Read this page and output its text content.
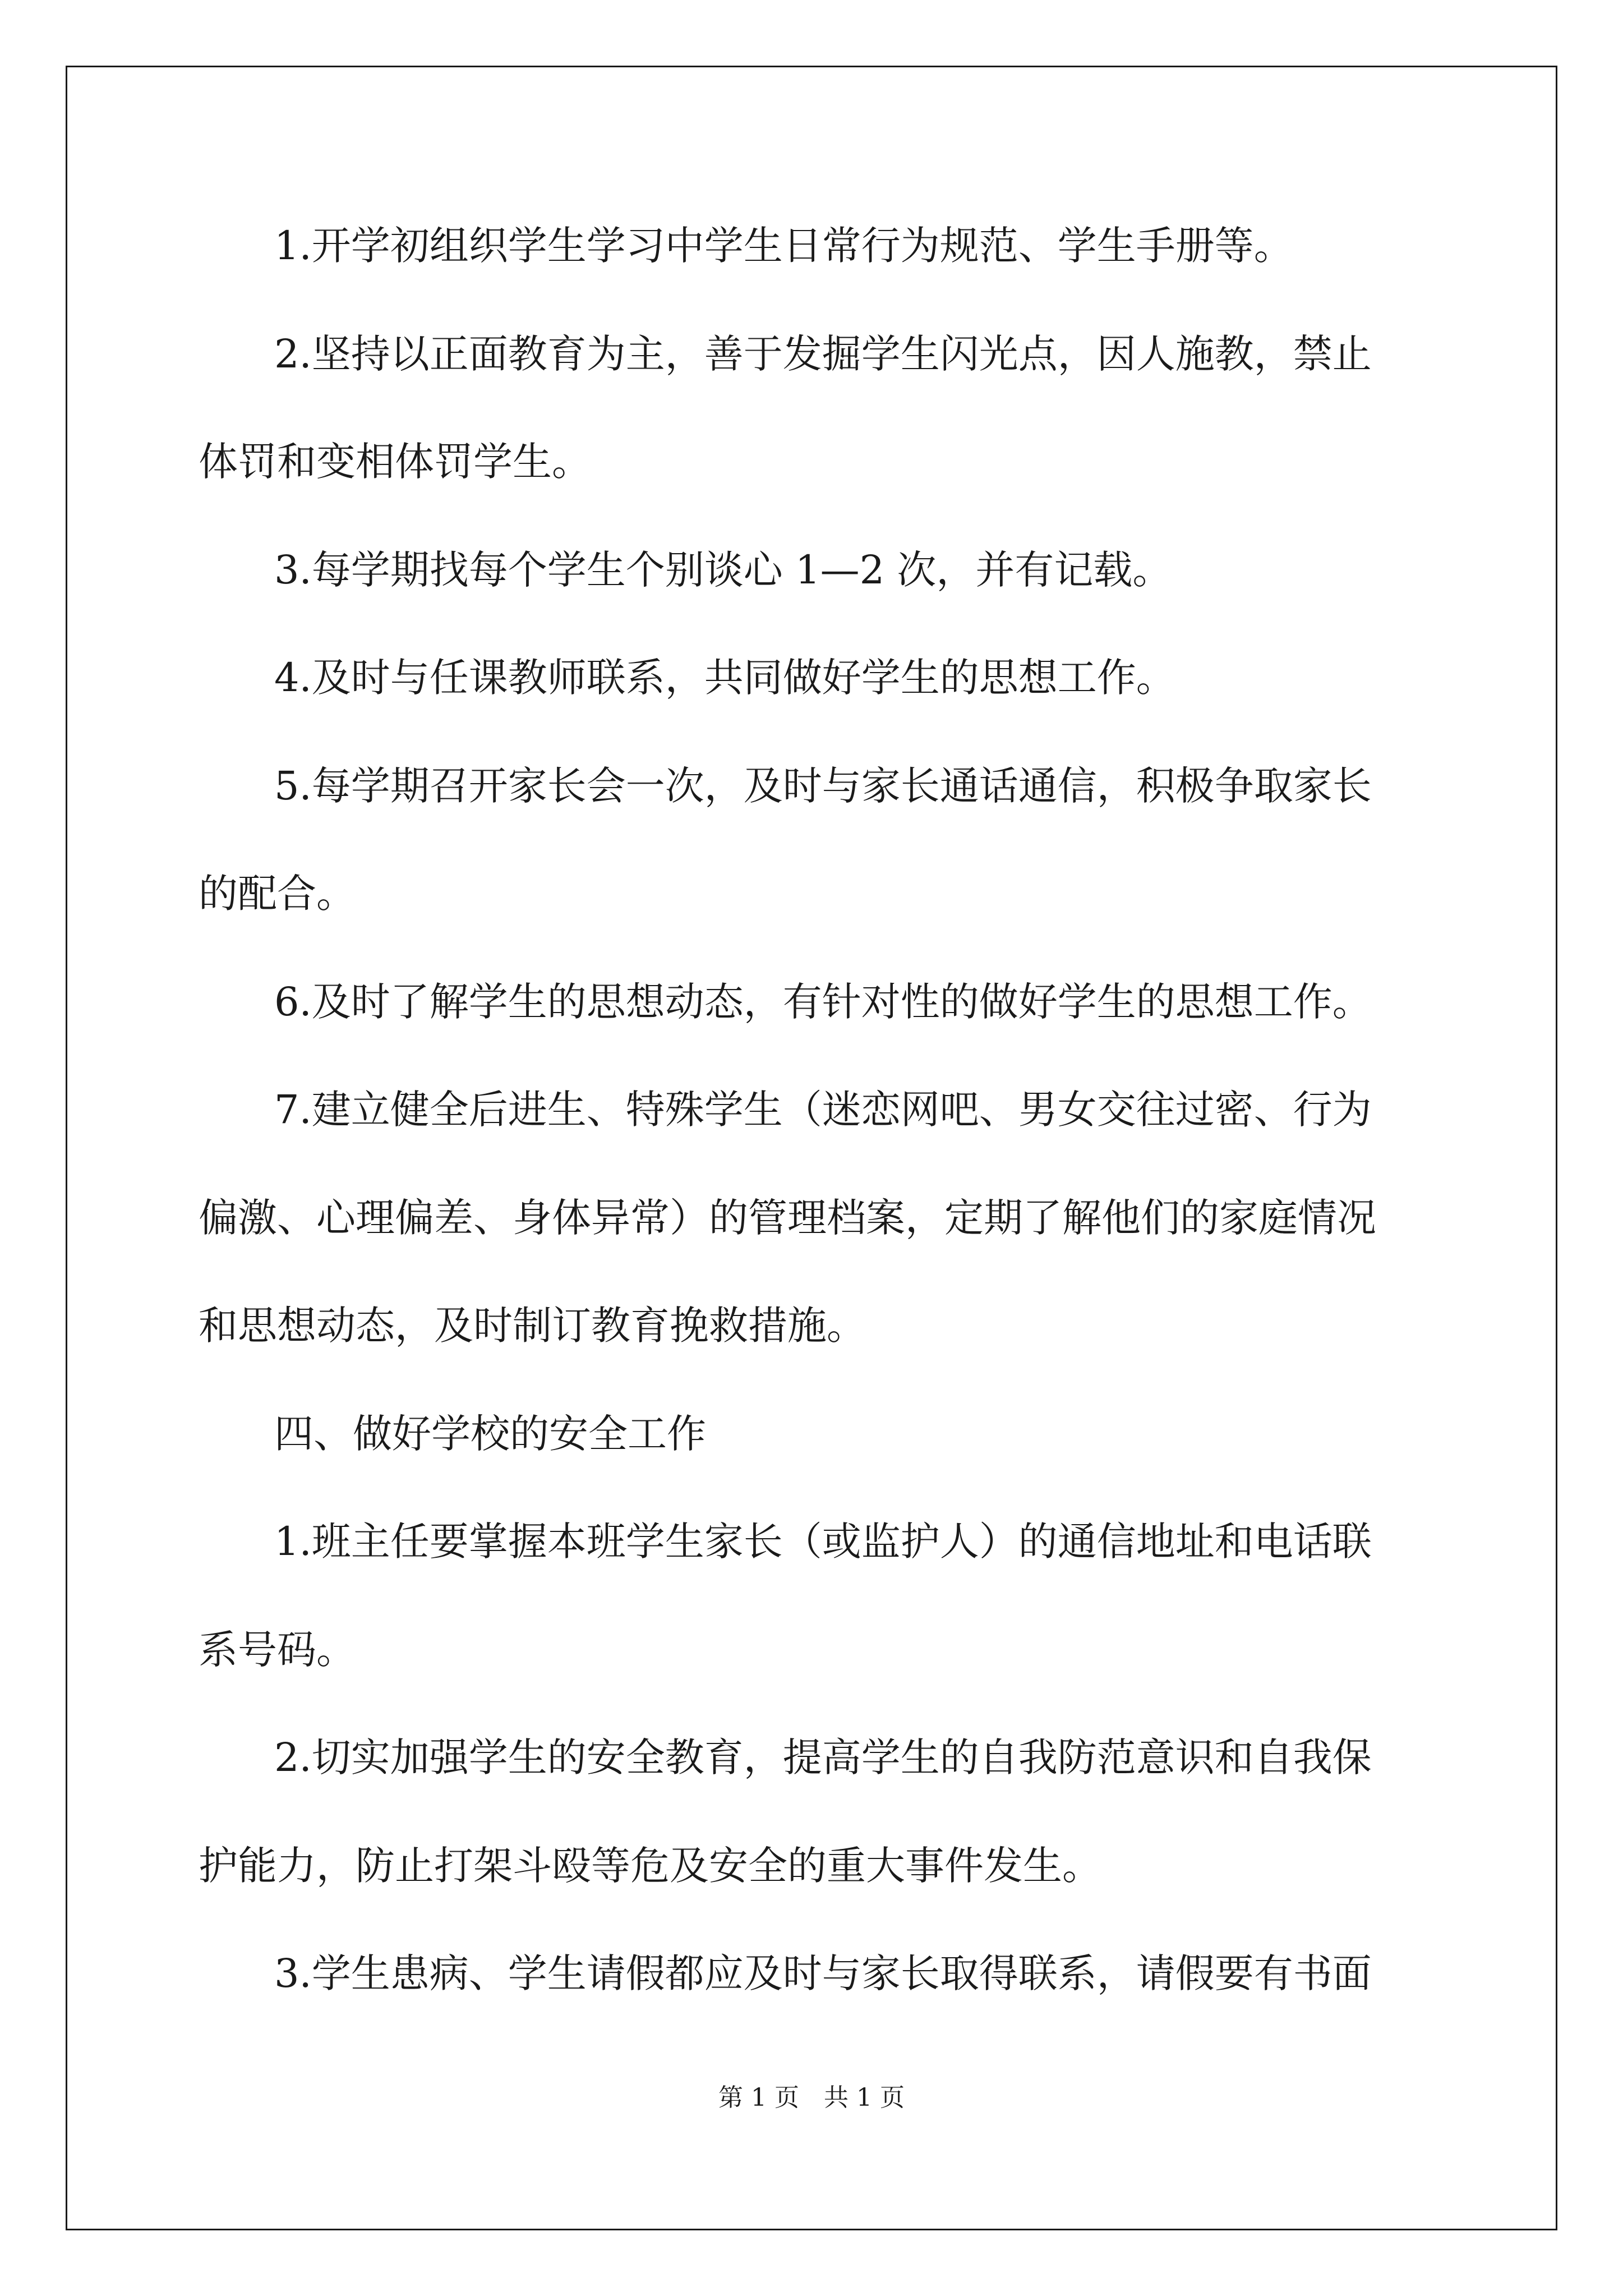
1.开学初组织学生学习中学生日常行为规范、学生手册等。
2.坚持以正面教育为主，善于发掘学生闪光点，因人施教，禁止
体罚和变相体罚学生。
3.每学期找每个学生个别谈心 1—2 次，并有记载。
4.及时与任课教师联系，共同做好学生的思想工作。
5.每学期召开家长会一次，及时与家长通话通信，积极争取家长
的配合。
6.及时了解学生的思想动态，有针对性的做好学生的思想工作。
7.建立健全后进生、特殊学生（迷恋网吧、男女交往过密、行为
偏激、心理偏差、身体异常）的管理档案，定期了解他们的家庭情况
和思想动态，及时制订教育挽救措施。
四、做好学校的安全工作
1.班主任要掌握本班学生家长（或监护人）的通信地址和电话联
系号码。
2.切实加强学生的安全教育，提高学生的自我防范意识和自我保
护能力，防止打架斗殴等危及安全的重大事件发生。
3.学生患病、学生请假都应及时与家长取得联系，请假要有书面
第 1 页　共 1 页
